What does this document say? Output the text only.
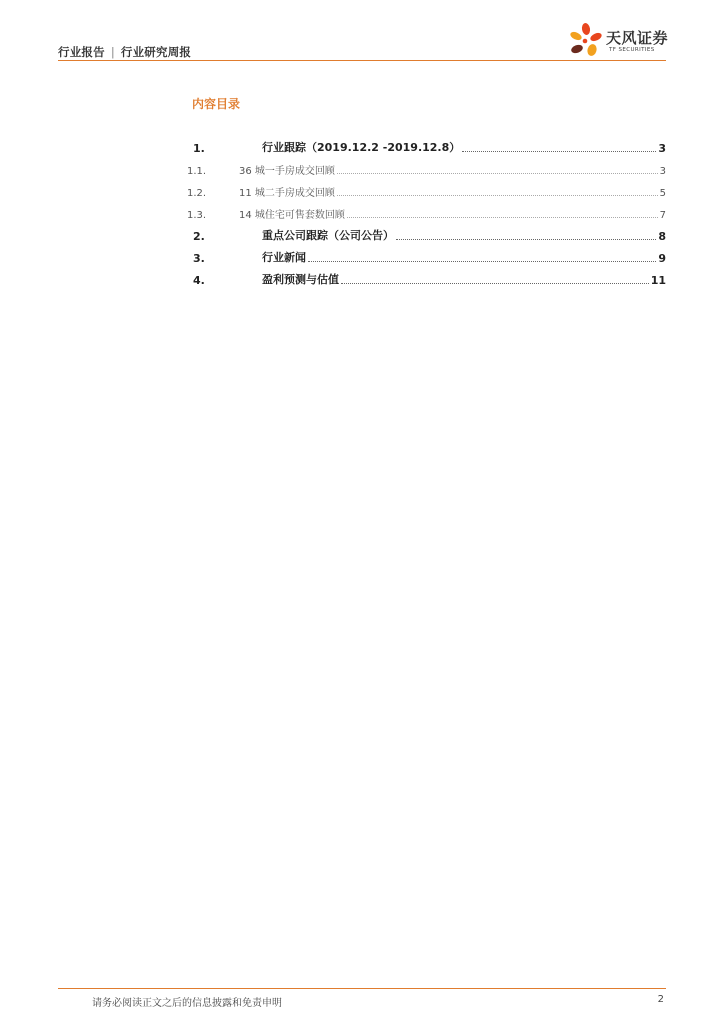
行业报告 | 行业研究周报
天风证券
TF SECURITIES
内容目录
1.	行业跟踪（2019.12.2 -2019.12.8）	3
1.1.	36 城一手房成交回顾	3
1.2.	11 城二手房成交回顾	5
1.3.	14 城住宅可售套数回顾	7
2.	重点公司跟踪（公司公告）	8
3.	行业新闻	9
4.	盈利预测与估值	11
请务必阅读正文之后的信息披露和免责申明	2
